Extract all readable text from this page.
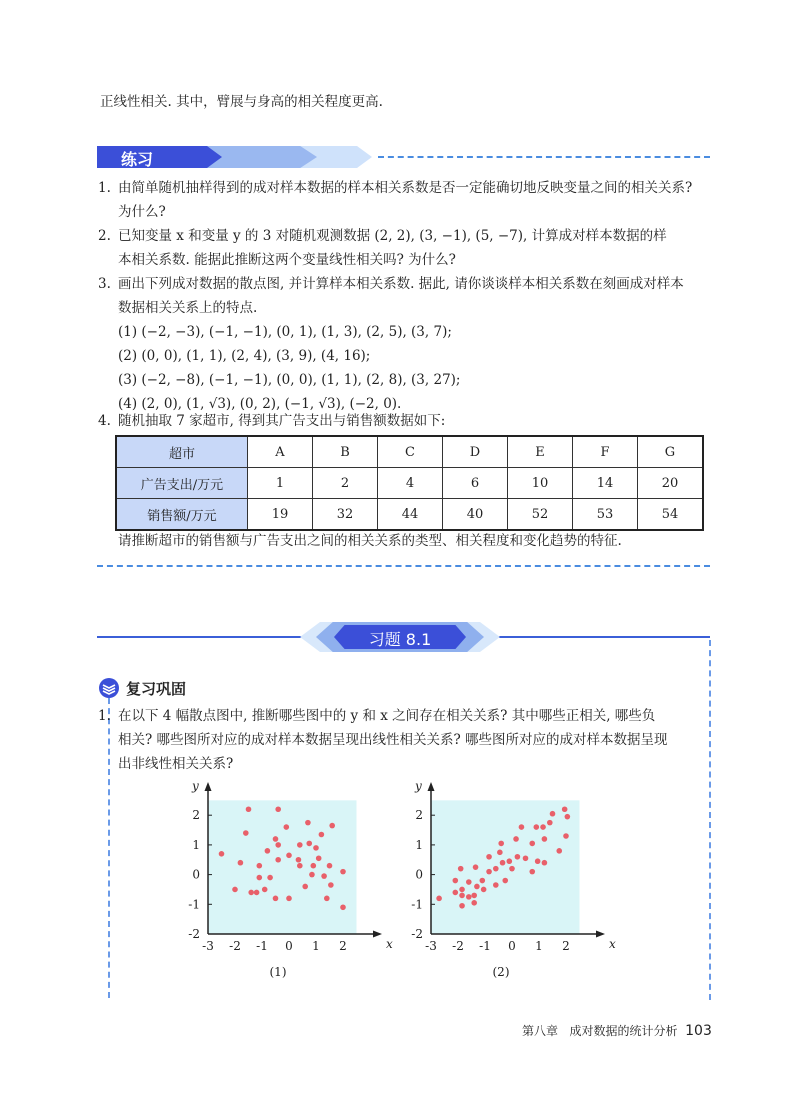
正线性相关. 其中，臂展与身高的相关程度更高.
练习
1. 由简单随机抽样得到的成对样本数据的样本相关系数是否一定能确切地反映变量之间的相关关系?
为什么?
2. 已知变量 x 和变量 y 的 3 对随机观测数据 (2, 2), (3, −1), (5, −7), 计算成对样本数据的样
本相关系数. 能据此推断这两个变量线性相关吗? 为什么?
3. 画出下列成对数据的散点图, 并计算样本相关系数. 据此, 请你谈谈样本相关系数在刻画成对样本
数据相关关系上的特点.
(1) (−2, −3), (−1, −1), (0, 1), (1, 3), (2, 5), (3, 7);
(2) (0, 0), (1, 1), (2, 4), (3, 9), (4, 16);
(3) (−2, −8), (−1, −1), (0, 0), (1, 1), (2, 8), (3, 27);
(4) (2, 0), (1, √3), (0, 2), (−1, √3), (−2, 0).
4. 随机抽取 7 家超市, 得到其广告支出与销售额数据如下:
超市	A	B	C	D	E	F	G
广告支出/万元	1	2	4	6	10	14	20
销售额/万元	19	32	44	40	52	53	54
请推断超市的销售额与广告支出之间的相关关系的类型、相关程度和变化趋势的特征.
习题 8.1
复习巩固
1. 在以下 4 幅散点图中, 推断哪些图中的 y 和 x 之间存在相关关系? 其中哪些正相关, 哪些负
相关? 哪些图所对应的成对样本数据呈现出线性相关关系? 哪些图所对应的成对样本数据呈现
出非线性相关关系?
-3 -2 -1 0 1 2
-2
-1
0
1
2
x
y
(1)
-3 -2 -1 0 1 2
-2
-1
0
1
2
x
y
(2)
第八章 成对数据的统计分析 103
